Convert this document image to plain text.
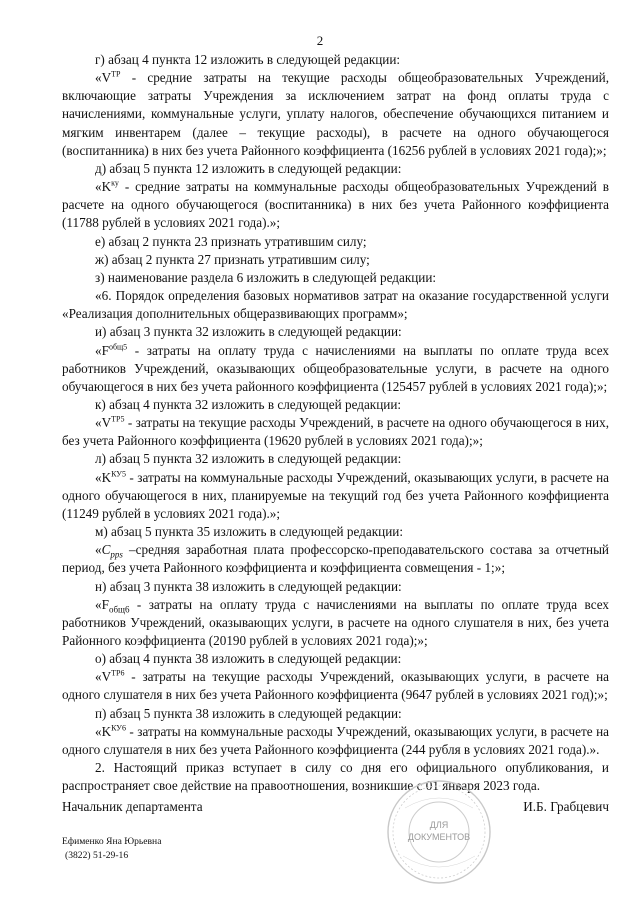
2

г) абзац 4 пункта 12 изложить в следующей редакции:

«$V^{ТР}$ - средние затраты на текущие расходы общеобразовательных Учреждений, включающие затраты Учреждения за исключением затрат на фонд оплаты труда с начислениями, коммунальные услуги, уплату налогов, обеспечение обучающихся питанием и мягким инвентарем (далее – текущие расходы), в расчете на одного обучающегося (воспитанника) в них без учета Районного коэффициента (16256 рублей в условиях 2021 года);»;

д) абзац 5 пункта 12 изложить в следующей редакции:

«$K^{ку}$ - средние затраты на коммунальные расходы общеобразовательных Учреждений в расчете на одного обучающегося (воспитанника) в них без учета Районного коэффициента (11788 рублей в условиях 2021 года).»;

е) абзац 2 пункта 23 признать утратившим силу;

ж) абзац 2 пункта 27 признать утратившим силу;

з) наименование раздела 6 изложить в следующей редакции:

«6. Порядок определения базовых нормативов затрат на оказание государственной услуги «Реализация дополнительных общеразвивающих программ»;

и) абзац 3 пункта 32 изложить в следующей редакции:

«$F^{общ5}$ - затраты на оплату труда с начислениями на выплаты по оплате труда всех работников Учреждений, оказывающих общеобразовательные услуги, в расчете на одного обучающегося в них без учета районного коэффициента (125457 рублей в условиях 2021 года);»;

к) абзац 4 пункта 32 изложить в следующей редакции:

«$V^{ТР5}$ - затраты на текущие расходы Учреждений, в расчете на одного обучающегося в них, без учета Районного коэффициента (19620 рублей в условиях 2021 года);»;

л) абзац 5 пункта 32 изложить в следующей редакции:

«$K^{КУ5}$ - затраты на коммунальные расходы Учреждений, оказывающих услуги, в расчете на одного обучающегося в них, планируемые на текущий год без учета Районного коэффициента (11249 рублей в условиях 2021 года).»;

м) абзац 5 пункта 35 изложить в следующей редакции:

«$C_{pps}$ –средняя заработная плата профессорско-преподавательского состава за отчетный период, без учета Районного коэффициента и коэффициента совмещения - 1;»;

н) абзац 3 пункта 38 изложить в следующей редакции:

«$F_{общ6}$ - затраты на оплату труда с начислениями на выплаты по оплате труда всех работников Учреждений, оказывающих услуги, в расчете на одного слушателя в них, без учета Районного коэффициента (20190 рублей в условиях 2021 года);»;

о) абзац 4 пункта 38 изложить в следующей редакции:

«$V^{ТР6}$ - затраты на текущие расходы Учреждений, оказывающих услуги, в расчете на одного слушателя в них без учета Районного коэффициента (9647 рублей в условиях 2021 год);»;

п) абзац 5 пункта 38 изложить в следующей редакции:

«$K^{КУ6}$ - затраты на коммунальные расходы Учреждений, оказывающих услуги, в расчете на одного слушателя в них без учета Районного коэффициента (244 рубля в условиях 2021 года).».

2. Настоящий приказ вступает в силу со дня его официального опубликования, и распространяет свое действие на правоотношения, возникшие с 01 января 2023 года.

Начальник департамента	И.Б. Грабцевич
ДЛЯ
ДОКУМЕНТОВ
Ефименко Яна Юрьевна
(3822) 51-29-16
